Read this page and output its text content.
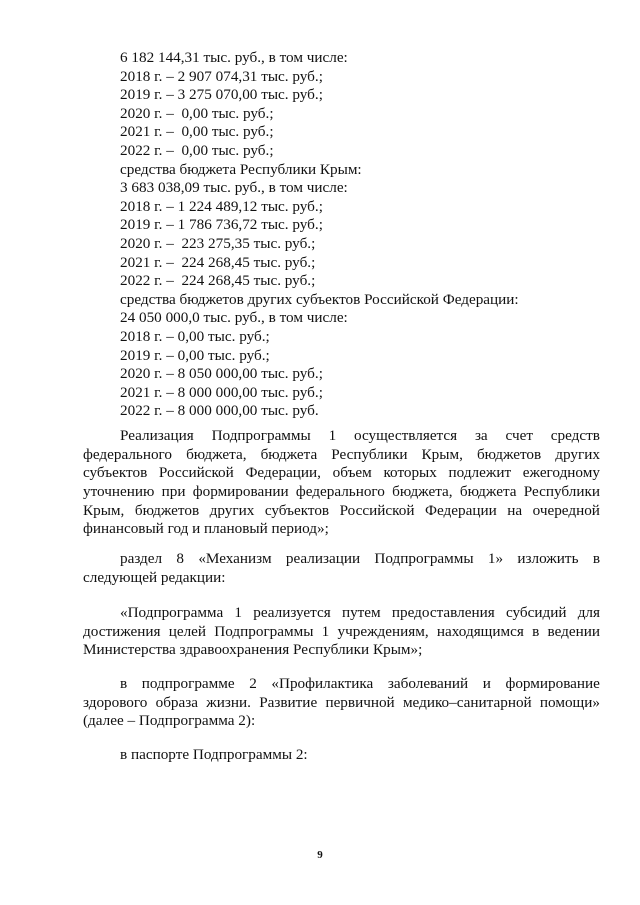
6 182 144,31 тыс. руб., в том числе:
2018 г. – 2 907 074,31 тыс. руб.;
2019 г. – 3 275 070,00 тыс. руб.;
2020 г. –  0,00 тыс. руб.;
2021 г. –  0,00 тыс. руб.;
2022 г. –  0,00 тыс. руб.;
средства бюджета Республики Крым:
3 683 038,09 тыс. руб., в том числе:
2018 г. – 1 224 489,12 тыс. руб.;
2019 г. – 1 786 736,72 тыс. руб.;
2020 г. –  223 275,35 тыс. руб.;
2021 г. –  224 268,45 тыс. руб.;
2022 г. –  224 268,45 тыс. руб.;
средства бюджетов других субъектов Российской Федерации:
24 050 000,0 тыс. руб., в том числе:
2018 г. – 0,00 тыс. руб.;
2019 г. – 0,00 тыс. руб.;
2020 г. – 8 050 000,00 тыс. руб.;
2021 г. – 8 000 000,00 тыс. руб.;
2022 г. – 8 000 000,00 тыс. руб.
Реализация Подпрограммы 1 осуществляется за счет средств
федерального бюджета, бюджета Республики Крым, бюджетов других
субъектов Российской Федерации, объем которых подлежит ежегодному
уточнению при формировании федерального бюджета, бюджета Республики
Крым, бюджетов других субъектов Российской Федерации на очередной
финансовый год и плановый период»;
раздел 8 «Механизм реализации Подпрограммы 1» изложить в
следующей редакции:
«Подпрограмма 1 реализуется путем предоставления субсидий для
достижения целей Подпрограммы 1 учреждениям, находящимся в ведении
Министерства здравоохранения Республики Крым»;
в подпрограмме 2 «Профилактика заболеваний и формирование
здорового образа жизни. Развитие первичной медико–санитарной помощи»
(далее – Подпрограмма 2):
в паспорте Подпрограммы 2:
9
